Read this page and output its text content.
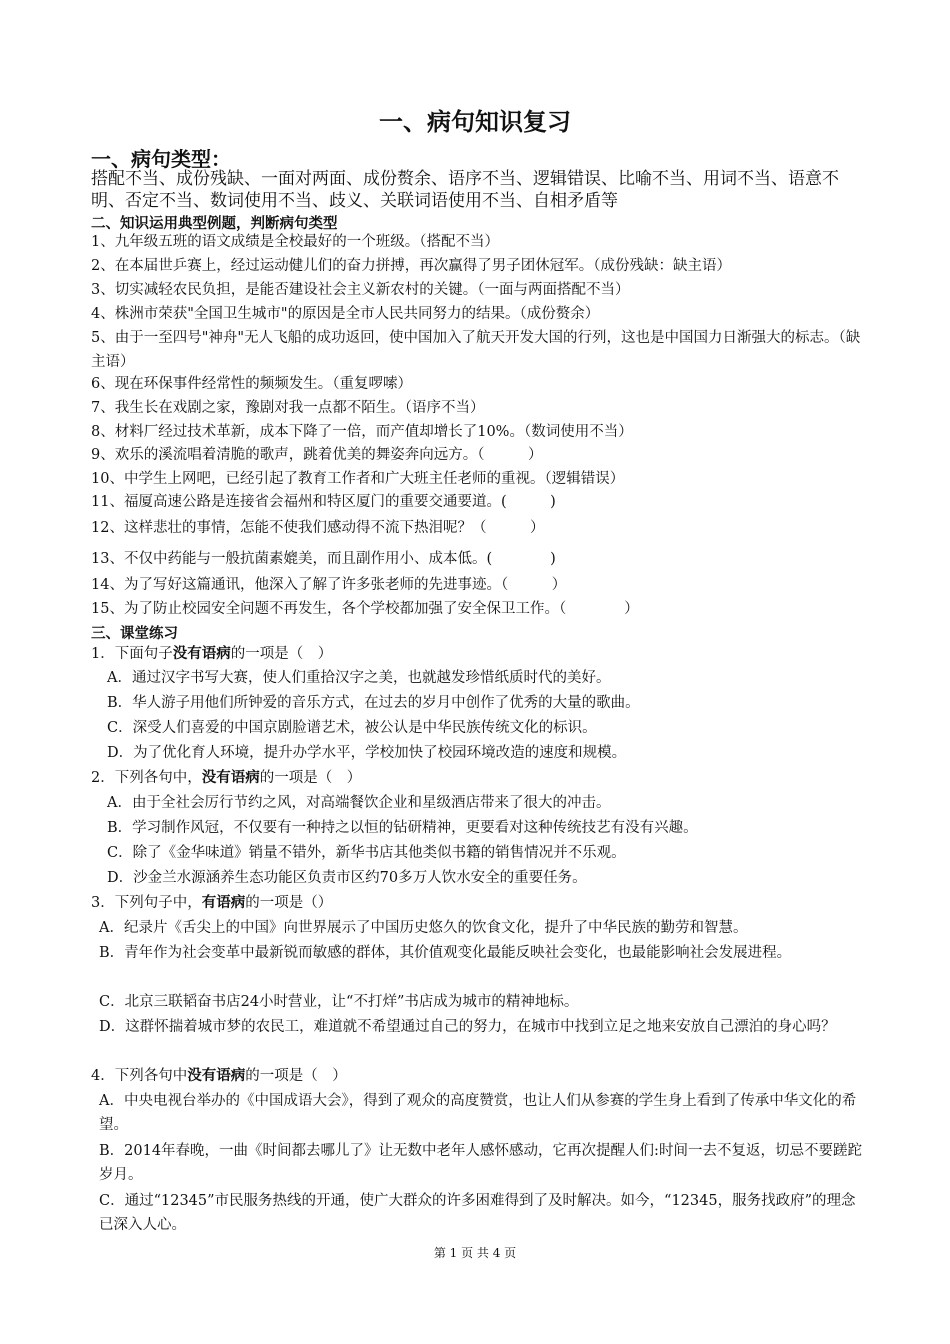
一、病句知识复习
一、病句类型：
搭配不当、成份残缺、一面对两面、成份赘余、语序不当、逻辑错误、比喻不当、用词不当、语意不明、否定不当、数词使用不当、歧义、关联词语使用不当、自相矛盾等
二、知识运用典型例题，判断病句类型
1、九年级五班的语文成绩是全校最好的一个班级。（搭配不当）
2、在本届世乒赛上，经过运动健儿们的奋力拼搏，再次赢得了男子团休冠军。（成份残缺：缺主语）
3、切实减轻农民负担，是能否建设社会主义新农村的关键。（一面与两面搭配不当）
4、株洲市荣获"全国卫生城市"的原因是全市人民共同努力的结果。（成份赘余）
5、由于一至四号"神舟"无人飞船的成功返回，使中国加入了航天开发大国的行列，这也是中国国力日渐强大的标志。（缺主语）
6、现在环保事件经常性的频频发生。（重复啰嗦）
7、我生长在戏剧之家，豫剧对我一点都不陌生。（语序不当）
8、材料厂经过技术革新，成本下降了一倍，而产值却增长了10%。（数词使用不当）
9、欢乐的溪流唱着清脆的歌声，跳着优美的舞姿奔向远方。（　　　）
10、中学生上网吧，已经引起了教育工作者和广大班主任老师的重视。（逻辑错误）
11、福厦高速公路是连接省会福州和特区厦门的重要交通要道。(　　　)
12、这样悲壮的事情，怎能不使我们感动得不流下热泪呢？（　　　）
13、不仅中药能与一般抗菌素媲美，而且副作用小、成本低。(　　　　)
14、为了写好这篇通讯，他深入了解了许多张老师的先进事迹。（　　　）
15、为了防止校园安全问题不再发生，各个学校都加强了安全保卫工作。（　　　　）
三、课堂练习
1．下面句子没有语病的一项是（　）
A．通过汉字书写大赛，使人们重拾汉字之美，也就越发珍惜纸质时代的美好。
B．华人游子用他们所钟爱的音乐方式，在过去的岁月中创作了优秀的大量的歌曲。
C．深受人们喜爱的中国京剧脸谱艺术，被公认是中华民族传统文化的标识。
D．为了优化育人环境，提升办学水平，学校加快了校园环境改造的速度和规模。
2．下列各句中，没有语病的一项是（　）
A．由于全社会厉行节约之风，对高端餐饮企业和星级酒店带来了很大的冲击。
B．学习制作风冠，不仅要有一种持之以恒的钻研精神，更要看对这种传统技艺有没有兴趣。
C．除了《金华味道》销量不错外，新华书店其他类似书籍的销售情况并不乐观。
D．沙金兰水源涵养生态功能区负责市区约70多万人饮水安全的重要任务。
3．下列句子中，有语病的一项是（）
A．纪录片《舌尖上的中国》向世界展示了中国历史悠久的饮食文化，提升了中华民族的勤劳和智慧。
B．青年作为社会变革中最新锐而敏感的群体，其价值观变化最能反映社会变化，也最能影响社会发展进程。
C．北京三联韬奋书店24小时营业，让“不打烊”书店成为城市的精神地标。
D．这群怀揣着城市梦的农民工，难道就不希望通过自己的努力，在城市中找到立足之地来安放自己漂泊的身心吗？
4．下列各句中没有语病的一项是（　）
A．中央电视台举办的《中国成语大会》，得到了观众的高度赞赏，也让人们从参赛的学生身上看到了传承中华文化的希望。
B．2014年春晚，一曲《时间都去哪儿了》让无数中老年人感怀感动，它再次提醒人们:时间一去不复返，切忌不要蹉跎岁月。
C．通过“12345”市民服务热线的开通，使广大群众的许多困难得到了及时解决。如今，“12345，服务找政府”的理念已深入人心。
第 1 页 共 4 页
